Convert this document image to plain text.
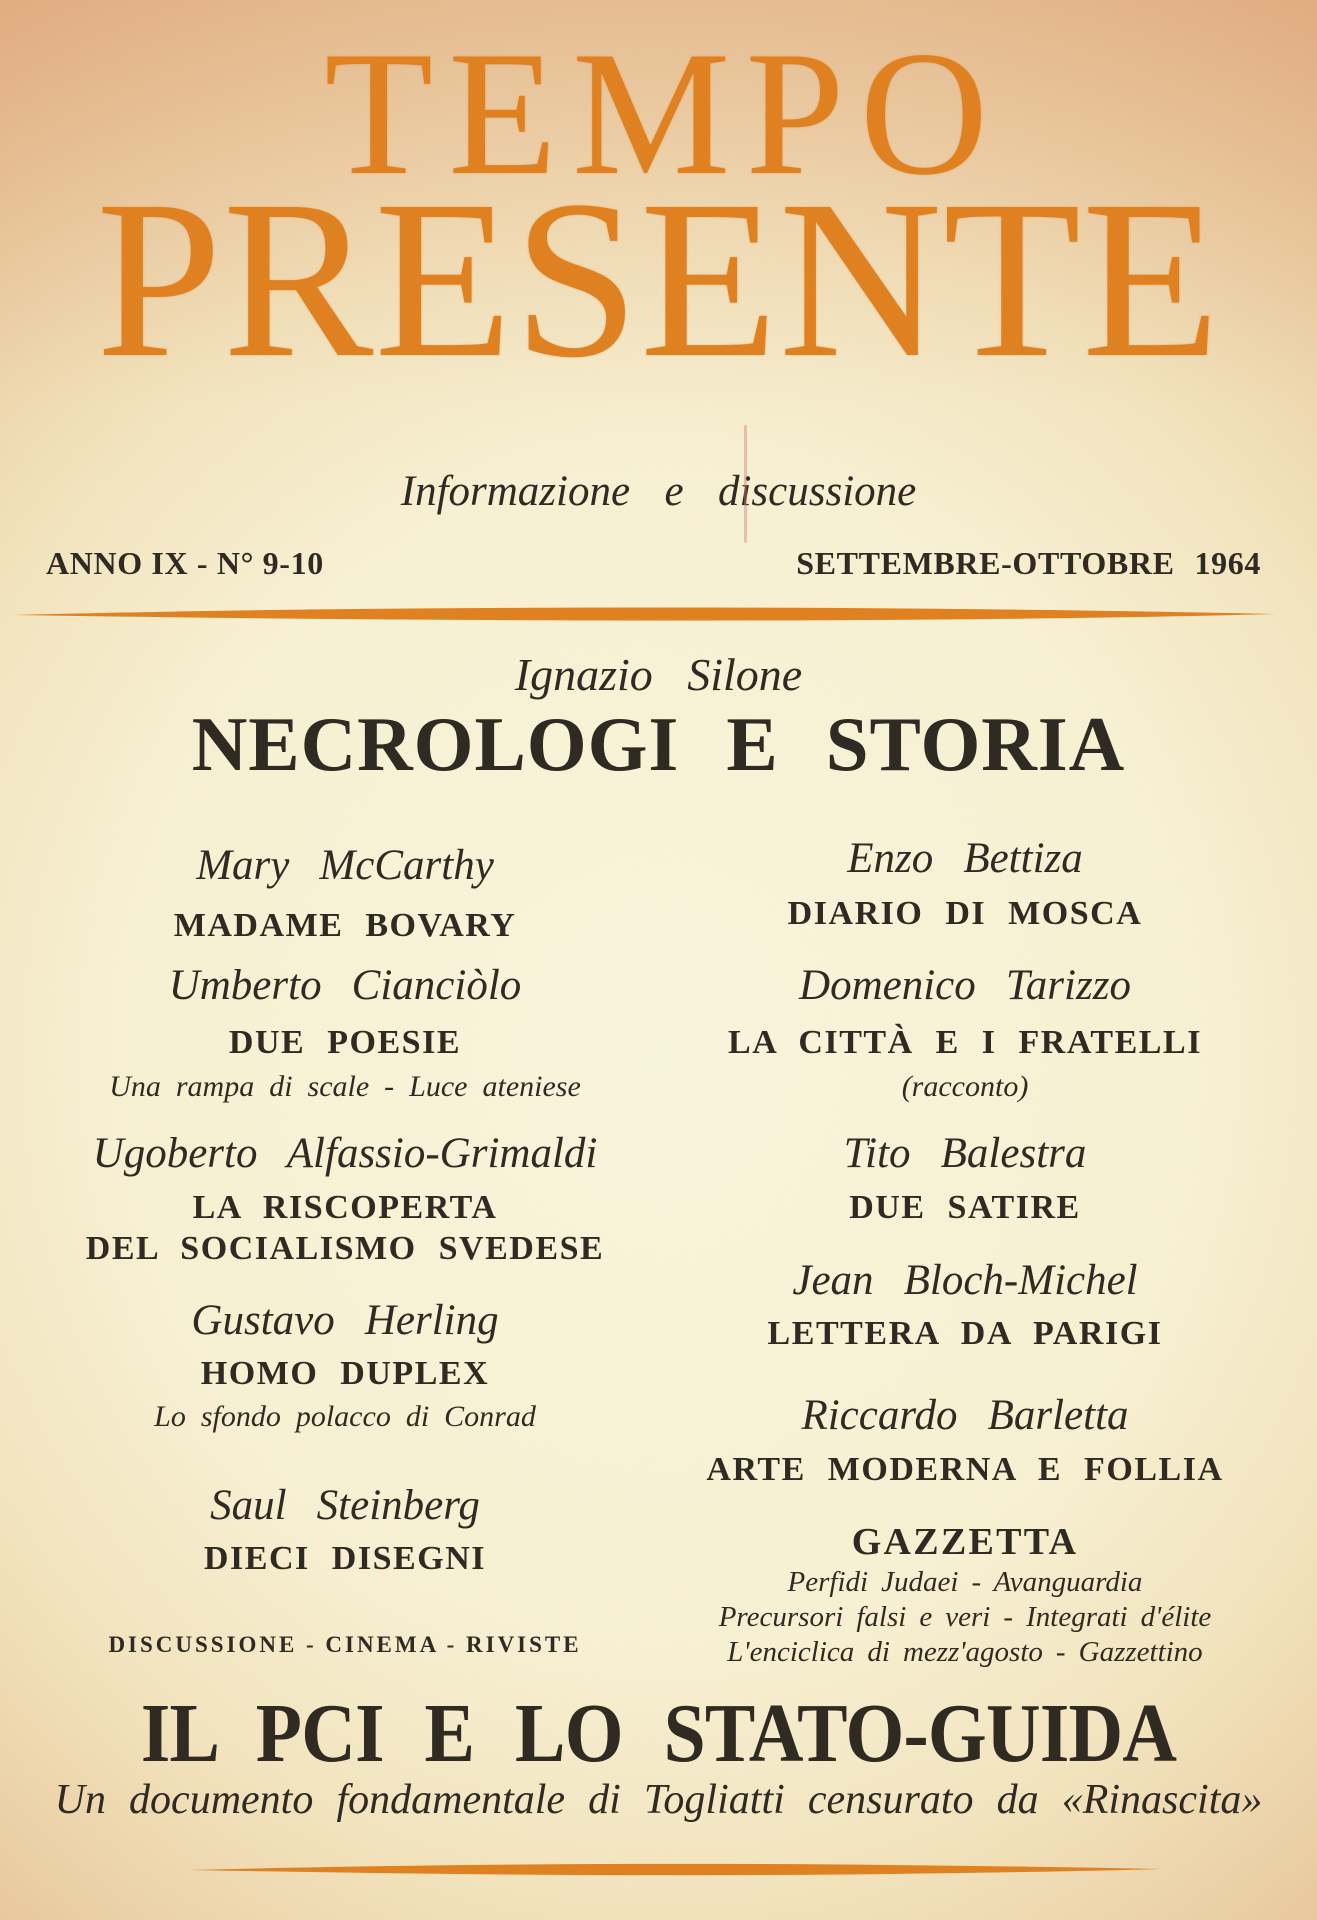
TEMPO
PRESENTE
Informazione e discussione
ANNO IX - N° 9-10	SETTEMBRE-OTTOBRE 1964
Ignazio Silone
NECROLOGI E STORIA
Mary McCarthy
MADAME BOVARY
Umberto Cianciòlo
DUE POESIE
Una rampa di scale - Luce ateniese
Ugoberto Alfassio-Grimaldi
LA RISCOPERTA
DEL SOCIALISMO SVEDESE
Gustavo Herling
HOMO DUPLEX
Lo sfondo polacco di Conrad
Saul Steinberg
DIECI DISEGNI
DISCUSSIONE - CINEMA - RIVISTE
Enzo Bettiza
DIARIO DI MOSCA
Domenico Tarizzo
LA CITTÀ E I FRATELLI
(racconto)
Tito Balestra
DUE SATIRE
Jean Bloch-Michel
LETTERA DA PARIGI
Riccardo Barletta
ARTE MODERNA E FOLLIA
GAZZETTA
Perfidi Judaei - Avanguardia
Precursori falsi e veri - Integrati d'élite
L'enciclica di mezz'agosto - Gazzettino
IL PCI E LO STATO-GUIDA
Un documento fondamentale di Togliatti censurato da «Rinascita»
